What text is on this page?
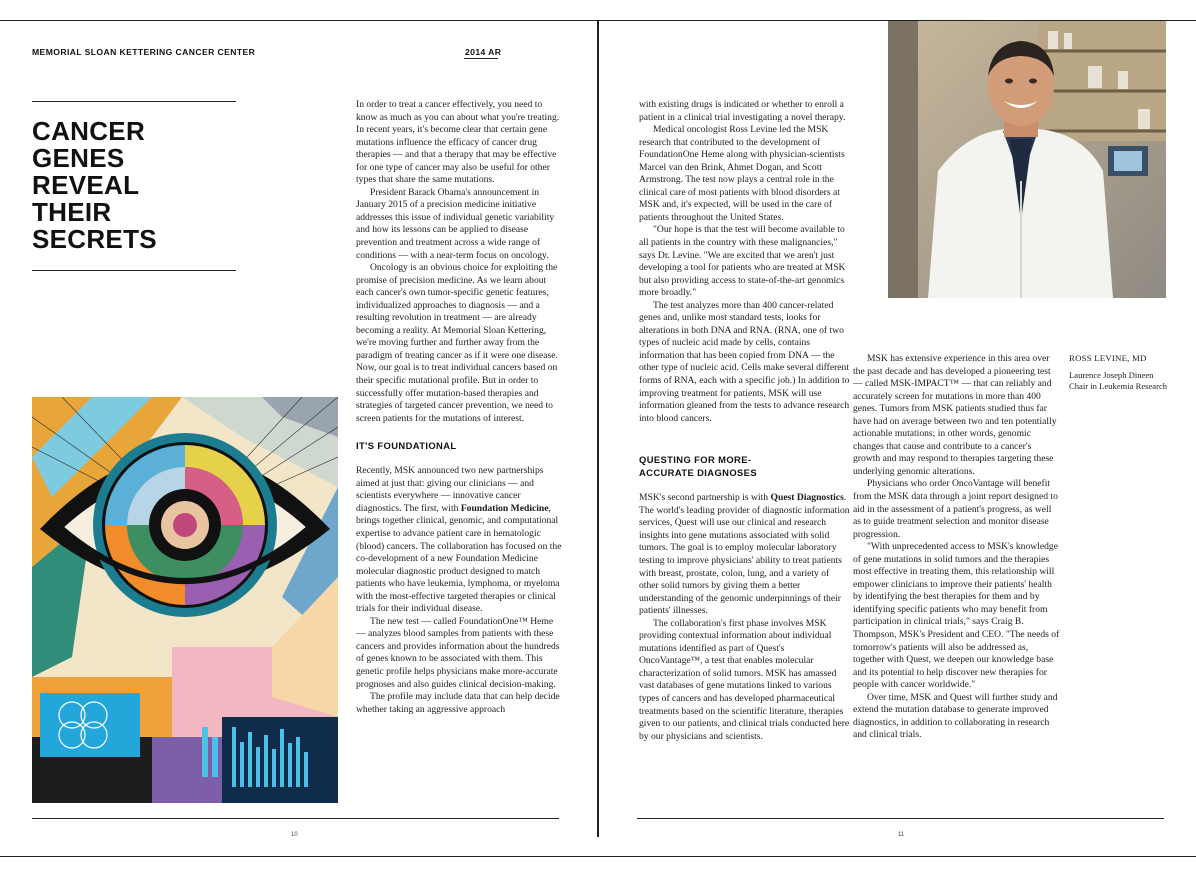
MEMORIAL SLOAN KETTERING CANCER CENTER	2014 AR
CANCER
GENES
REVEAL
THEIR
SECRETS

In order to treat a cancer effectively, you need to know as much as you can about what you're treating. In recent years, it's become clear that certain gene mutations influence the efficacy of cancer drug therapies — and that a therapy that may be effective for one type of cancer may also be useful for other types that share the same mutations.

President Barack Obama's announcement in January 2015 of a precision medicine initiative addresses this issue of individual genetic variability and how its lessons can be applied to disease prevention and treatment across a wide range of conditions — with a near-term focus on oncology.

Oncology is an obvious choice for exploiting the promise of precision medicine. As we learn about each cancer's own tumor-specific genetic features, individualized approaches to diagnosis — and a resulting revolution in treatment — are already becoming a reality. At Memorial Sloan Kettering, we're moving further and further away from the paradigm of treating cancer as if it were one disease. Now, our goal is to treat individual cancers based on their specific mutational profile. But in order to successfully offer mutation-based therapies and strategies of targeted cancer prevention, we need to screen patients for the mutations of interest.

IT'S FOUNDATIONAL

Recently, MSK announced two new partnerships aimed at just that: giving our clinicians — and scientists everywhere — innovative cancer diagnostics. The first, with Foundation Medicine, brings together clinical, genomic, and computational expertise to advance patient care in hematologic (blood) cancers. The collaboration has focused on the co-development of a new Foundation Medicine molecular diagnostic product designed to match patients who have leukemia, lymphoma, or myeloma with the most-effective targeted therapies or clinical trials for their individual disease.

The new test — called FoundationOne™ Heme — analyzes blood samples from patients with these cancers and provides information about the hundreds of genes known to be associated with them. This genetic profile helps physicians make more-accurate prognoses and also guides clinical decision-making.

The profile may include data that can help decide whether taking an aggressive approach

with existing drugs is indicated or whether to enroll a patient in a clinical trial investigating a novel therapy.

Medical oncologist Ross Levine led the MSK research that contributed to the development of FoundationOne Heme along with physician-scientists Marcel van den Brink, Ahmet Dogan, and Scott Armstrong. The test now plays a central role in the clinical care of most patients with blood disorders at MSK and, it's expected, will be used in the care of patients throughout the United States.

"Our hope is that the test will become available to all patients in the country with these malignancies," says Dr. Levine. "We are excited that we aren't just developing a tool for patients who are treated at MSK but also providing access to state-of-the-art genomics more broadly."

The test analyzes more than 400 cancer-related genes and, unlike most standard tests, looks for alterations in both DNA and RNA. (RNA, one of two types of nucleic acid made by cells, contains information that has been copied from DNA — the other type of nucleic acid. Cells make several different forms of RNA, each with a specific job.) In addition to improving treatment for patients, MSK will use information gleaned from the tests to advance research into blood cancers.

QUESTING FOR MORE-ACCURATE DIAGNOSES

MSK's second partnership is with Quest Diagnostics. The world's leading provider of diagnostic information services, Quest will use our clinical and research insights into gene mutations associated with solid tumors. The goal is to employ molecular laboratory testing to improve physicians' ability to treat patients with breast, prostate, colon, lung, and a variety of other solid tumors by giving them a better understanding of the genomic underpinnings of their patients' illnesses.

The collaboration's first phase involves MSK providing contextual information about individual mutations identified as part of Quest's OncoVantage™, a test that enables molecular characterization of solid tumors. MSK has amassed vast databases of gene mutations linked to various types of cancers and has developed pharmaceutical treatments based on the scientific literature, therapies given to our patients, and clinical trials conducted here by our physicians and scientists.

MSK has extensive experience in this area over the past decade and has developed a pioneering test — called MSK-IMPACT™ — that can reliably and accurately screen for mutations in more than 400 genes. Tumors from MSK patients studied thus far have had on average between two and ten potentially actionable mutations; in other words, genomic changes that cause and contribute to a cancer's growth and may respond to therapies targeting these underlying genomic alterations.

Physicians who order OncoVantage will benefit from the MSK data through a joint report designed to aid in the assessment of a patient's progress, as well as to guide treatment selection and monitor disease progression.

"With unprecedented access to MSK's knowledge of gene mutations in solid tumors and the therapies most effective in treating them, this relationship will empower clinicians to improve their patients' health by identifying the best therapies for them and by identifying specific patients who may benefit from participation in clinical trials," says Craig B. Thompson, MSK's President and CEO. "The needs of tomorrow's patients will also be addressed as, together with Quest, we deepen our knowledge base and its potential to help discover new therapies for people with cancer worldwide."

Over time, MSK and Quest will further study and extend the mutation database to generate improved diagnostics, in addition to collaborating in research and clinical trials.

ROSS LEVINE, MD
Laurence Joseph Dineen Chair in Leukemia Research
10	11
